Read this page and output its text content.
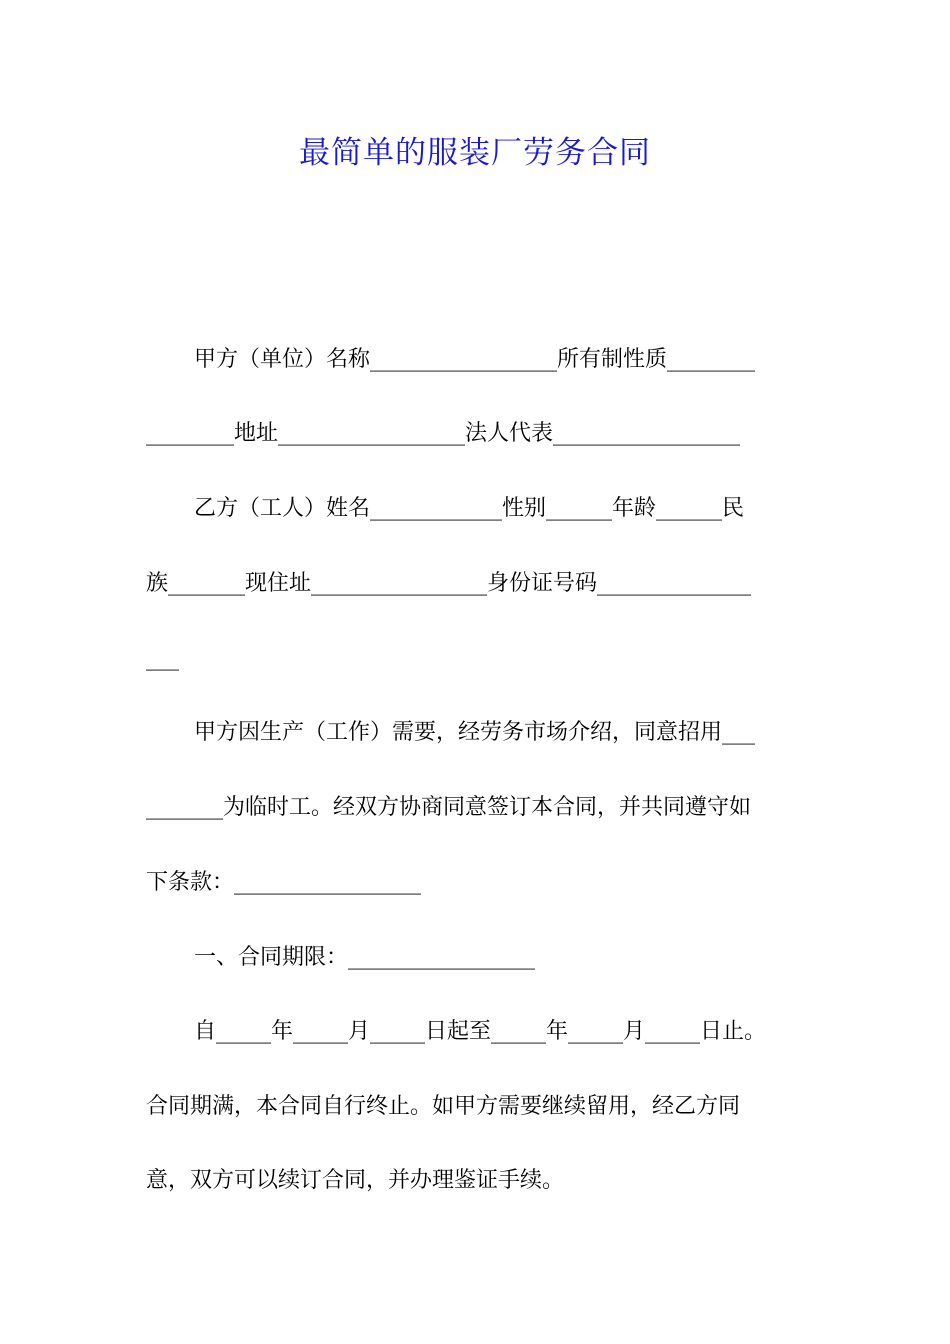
最简单的服装厂劳务合同
甲方（单位）名称_________________所有制性质________
________地址_________________法人代表_________________
乙方（工人）姓名____________性别______年龄______民
族_______现住址________________身份证号码______________
___
甲方因生产（工作）需要，经劳务市场介绍，同意招用___
_______为临时工。经双方协商同意签订本合同，并共同遵守如
下条款：_________________
一、合同期限：_________________
自_____年_____月_____日起至_____年_____月_____日止。
合同期满，本合同自行终止。如甲方需要继续留用，经乙方同
意，双方可以续订合同，并办理鉴证手续。
